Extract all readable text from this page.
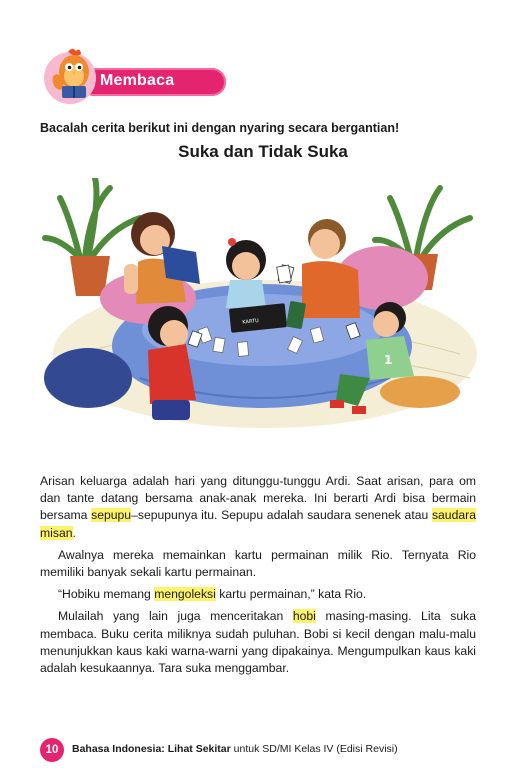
Membaca

Bacalah cerita berikut ini dengan nyaring secara bergantian!

Suka dan Tidak Suka
KARTU
1

Arisan keluarga adalah hari yang ditunggu-tunggu Ardi. Saat arisan, para om dan tante datang bersama anak-anak mereka. Ini berarti Ardi bisa bermain bersama sepupu–sepupunya itu. Sepupu adalah saudara senenek atau saudara misan.

Awalnya mereka memainkan kartu permainan milik Rio. Ternyata Rio memiliki banyak sekali kartu permainan.

“Hobiku memang mengoleksi kartu permainan,” kata Rio.

Mulailah yang lain juga menceritakan hobi masing-masing. Lita suka membaca. Buku cerita miliknya sudah puluhan. Bobi si kecil dengan malu-malu menunjukkan kaus kaki warna-warni yang dipakainya. Mengumpulkan kaus kaki adalah kesukaannya. Tara suka menggambar.

10	Bahasa Indonesia: Lihat Sekitar untuk SD/MI Kelas IV (Edisi Revisi)
